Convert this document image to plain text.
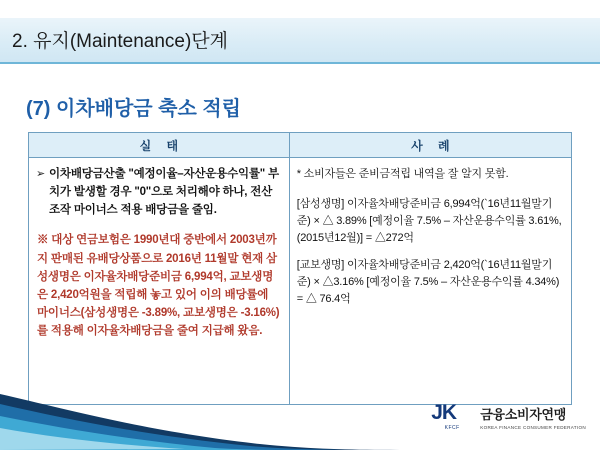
2. 유지(Maintenance)단계
(7) 이차배당금 축소 적립
실 태	사 례

➢ 이차배당금산출 "예정이율–자산운용수익률" 부치가 발생할 경우 "0"으로 처리해야 하나, 전산조작 마이너스 적용 배당금을 줄임.
※ 대상 연금보험은 1990년대 중반에서 2003년까지 판매된 유배당상품으로 2016년 11월말 현재 삼성생명은 이자율차배당준비금 6,994억, 교보생명은 2,420억원을 적립해 놓고 있어 이의 배당률에 마이너스(삼성생명은 -3.89%, 교보생명은 -3.16%)를 적용해 이자율차배당금을 줄여 지급해 왔음.

* 소비자들은 준비금적립 내역을 잘 알지 못함.
[삼성생명] 이자율차배당준비금 6,994억(`16년11월말기준) × △ 3.89% [예정이율 7.5% – 자산운용수익률 3.61%, (2015년12월)] = △272억
[교보생명] 이자율차배당준비금 2,420억(`16년11월말기준) × △3.16% [예정이율 7.5% – 자산운용수익률 4.34%) = △ 76.4억
JK
KFCF
금융소비자연맹
KOREA FINANCE CONSUMER FEDERATION
